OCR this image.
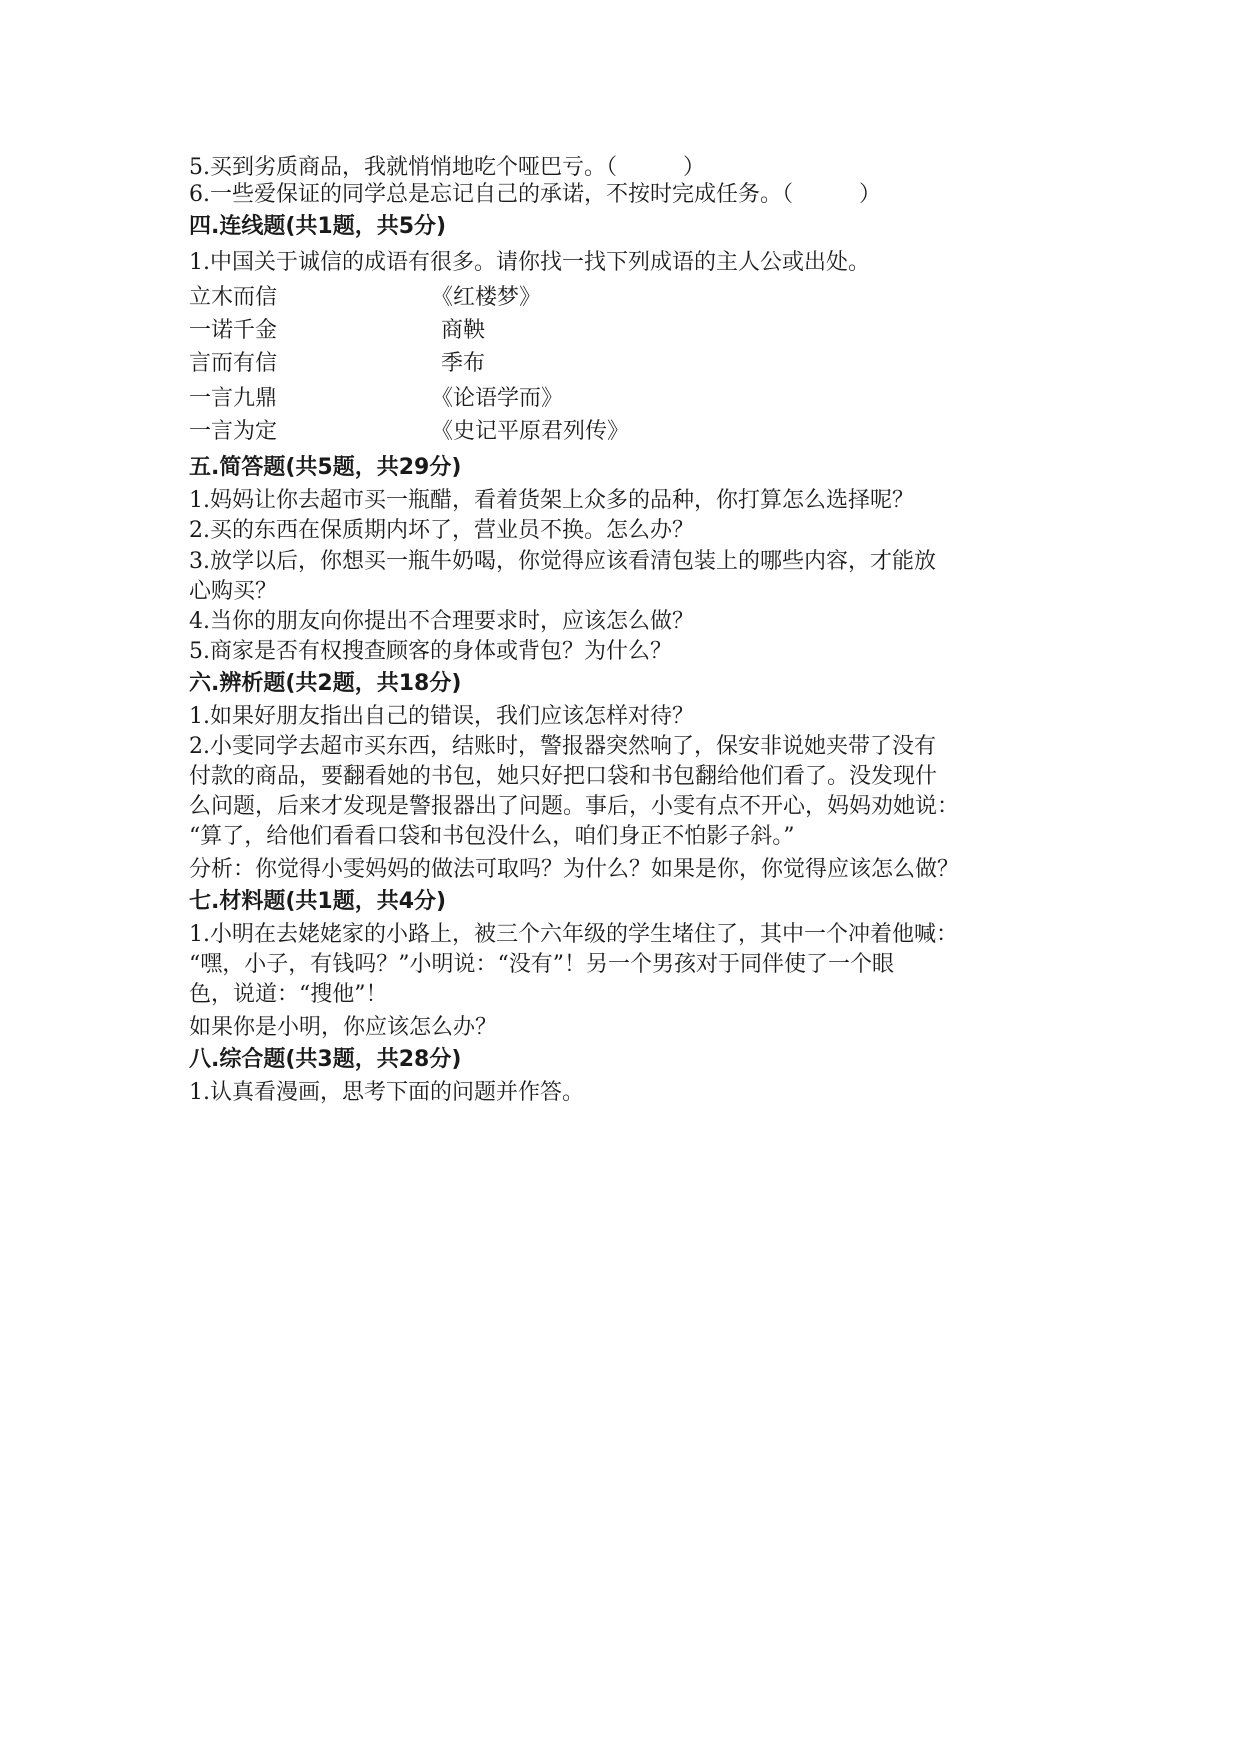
5.买到劣质商品，我就悄悄地吃个哑巴亏。（　　　）
6.一些爱保证的同学总是忘记自己的承诺，不按时完成任务。（　　　）
四.连线题(共1题，共5分)
1.中国关于诚信的成语有很多。请你找一找下列成语的主人公或出处。
立木而信	《红楼梦》
一诺千金	商鞅
言而有信	季布
一言九鼎	《论语学而》
一言为定	《史记平原君列传》
五.简答题(共5题，共29分)
1.妈妈让你去超市买一瓶醋，看着货架上众多的品种，你打算怎么选择呢？
2.买的东西在保质期内坏了，营业员不换。怎么办？
3.放学以后，你想买一瓶牛奶喝，你觉得应该看清包装上的哪些内容，才能放
心购买？
4.当你的朋友向你提出不合理要求时，应该怎么做？
5.商家是否有权搜查顾客的身体或背包？为什么？
六.辨析题(共2题，共18分)
1.如果好朋友指出自己的错误，我们应该怎样对待？
2.小雯同学去超市买东西，结账时，警报器突然响了，保安非说她夹带了没有
付款的商品，要翻看她的书包，她只好把口袋和书包翻给他们看了。没发现什
么问题，后来才发现是警报器出了问题。事后，小雯有点不开心，妈妈劝她说：
“算了，给他们看看口袋和书包没什么，咱们身正不怕影子斜。”
分析：你觉得小雯妈妈的做法可取吗？为什么？如果是你，你觉得应该怎么做？
七.材料题(共1题，共4分)
1.小明在去姥姥家的小路上，被三个六年级的学生堵住了，其中一个冲着他喊：
“嘿，小子，有钱吗？”小明说：“没有”！另一个男孩对于同伴使了一个眼
色，说道：“搜他”！
如果你是小明，你应该怎么办？
八.综合题(共3题，共28分)
1.认真看漫画，思考下面的问题并作答。
